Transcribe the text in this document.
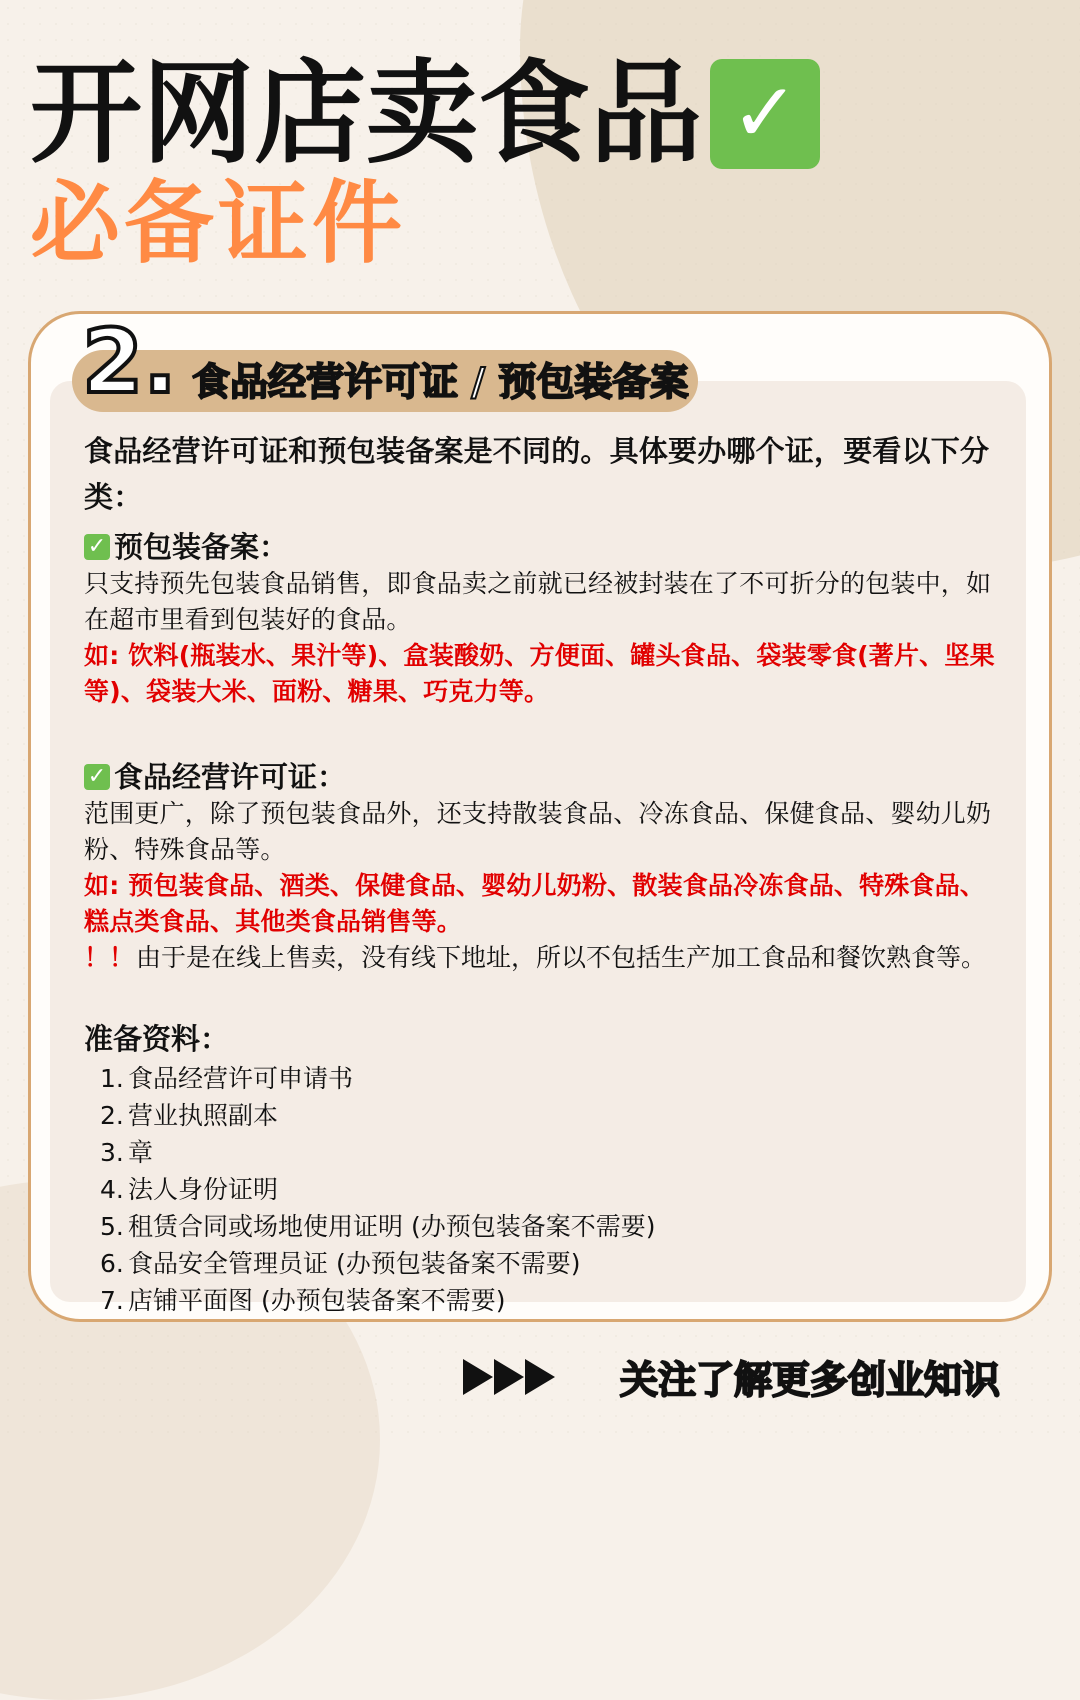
开网店卖食品 ✓
必备证件
2. 食品经营许可证 / 预包装备案

食品经营许可证和预包装备案是不同的。具体要办哪个证，要看以下分类：

✓ 预包装备案：

只支持预先包装食品销售，即食品卖之前就已经被封装在了不可折分的包装中，如在超市里看到包装好的食品。

如: 饮料(瓶装水、果汁等)、盒装酸奶、方便面、罐头食品、袋装零食(著片、坚果等)、袋装大米、面粉、糖果、巧克力等。

✓ 食品经营许可证：

范围更广，除了预包装食品外，还支持散装食品、冷冻食品、保健食品、婴幼儿奶粉、特殊食品等。

如: 预包装食品、酒类、保健食品、婴幼儿奶粉、散装食品冷冻食品、特殊食品、糕点类食品、其他类食品销售等。

！！ 由于是在线上售卖，没有线下地址，所以不包括生产加工食品和餐饮熟食等。

准备资料：
1. 食品经营许可申请书
2. 营业执照副本
3. 章
4. 法人身份证明
5. 租赁合同或场地使用证明 (办预包装备案不需要)
6. 食品安全管理员证 (办预包装备案不需要)
7. 店铺平面图 (办预包装备案不需要)
关注了解更多创业知识
